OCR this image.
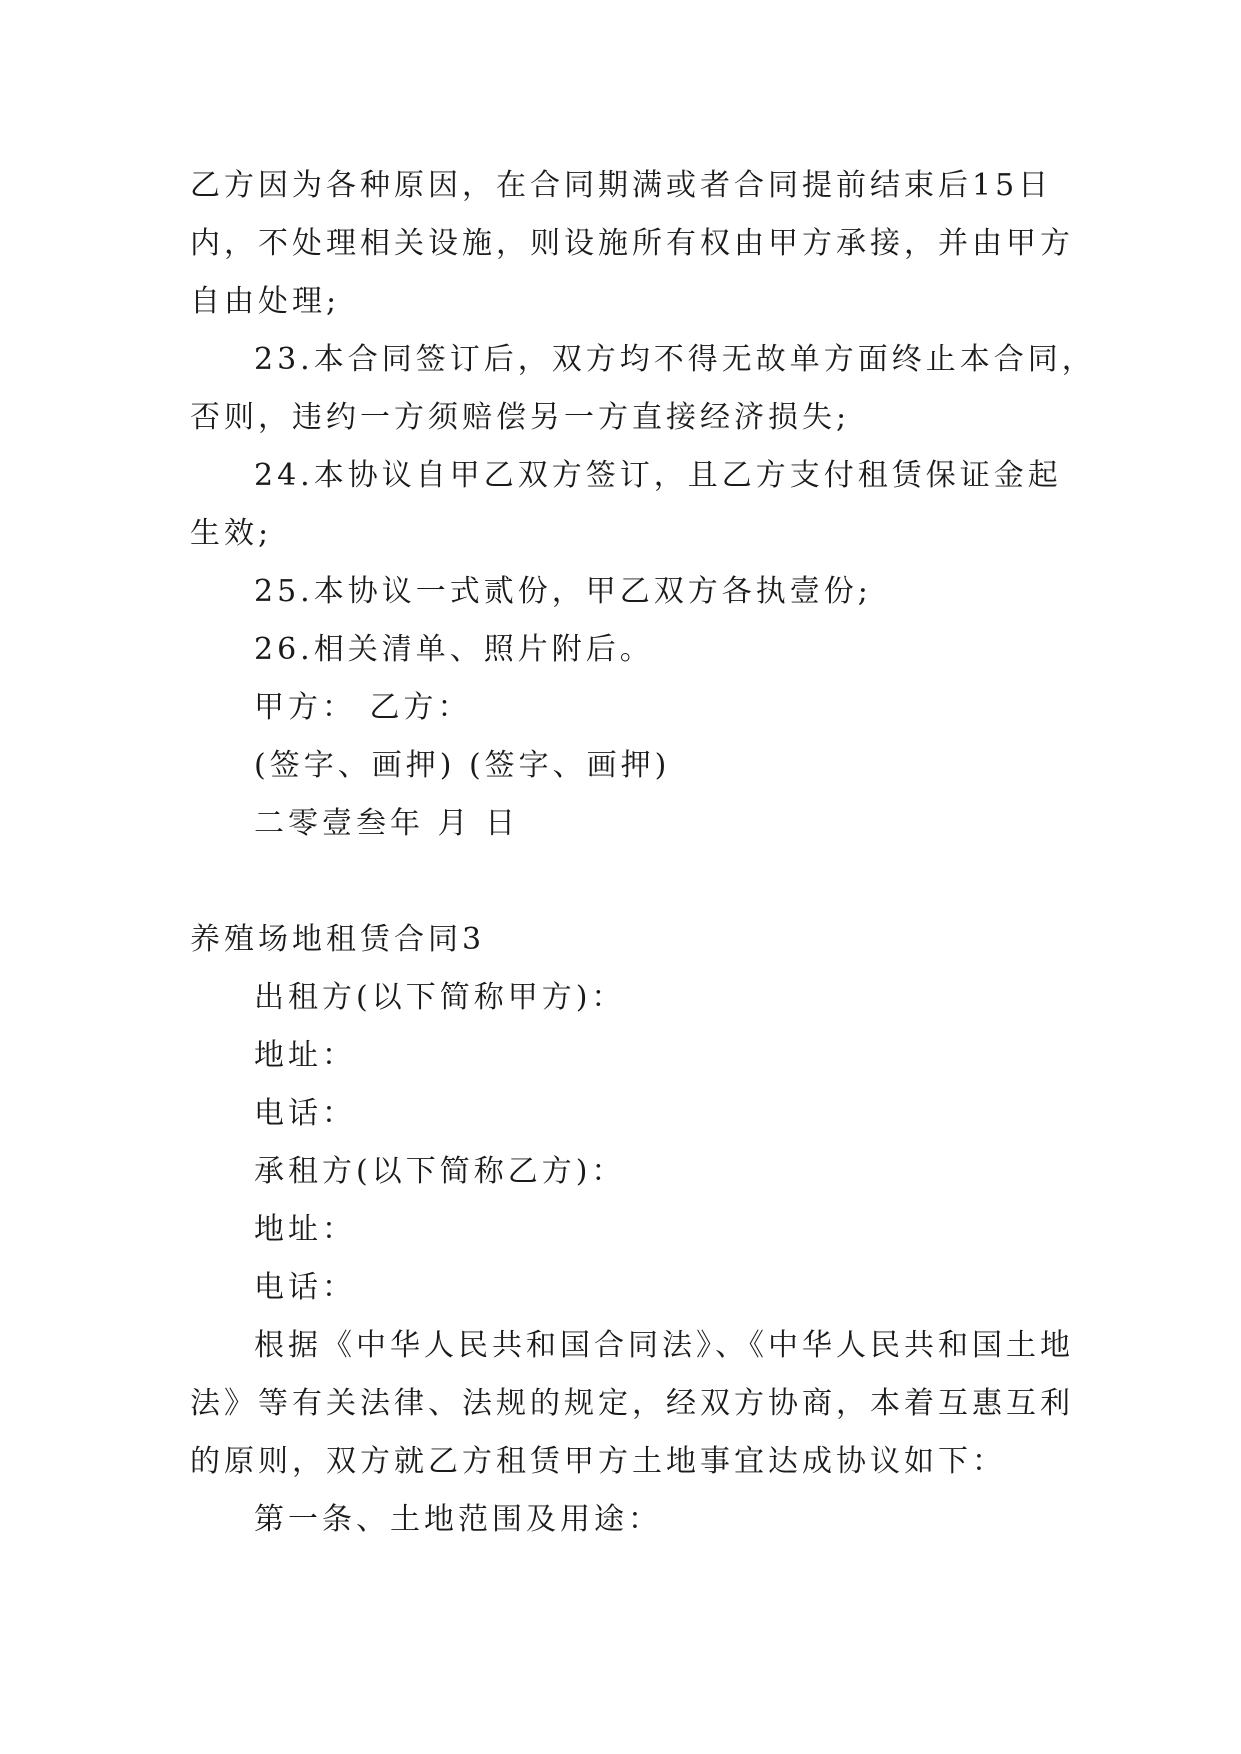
乙方因为各种原因，在合同期满或者合同提前结束后15日
内，不处理相关设施，则设施所有权由甲方承接，并由甲方
自由处理;
23.本合同签订后，双方均不得无故单方面终止本合同，
否则，违约一方须赔偿另一方直接经济损失;
24.本协议自甲乙双方签订，且乙方支付租赁保证金起
生效;
25.本协议一式贰份，甲乙双方各执壹份;
26.相关清单、照片附后。
甲方： 乙方：
(签字、画押) (签字、画押)
二零壹叁年 月 日
养殖场地租赁合同3
出租方(以下简称甲方)：
地址：
电话：
承租方(以下简称乙方)：
地址：
电话：
根据《中华人民共和国合同法》、《中华人民共和国土地
法》等有关法律、法规的规定，经双方协商，本着互惠互利
的原则，双方就乙方租赁甲方土地事宜达成协议如下：
第一条、土地范围及用途：
